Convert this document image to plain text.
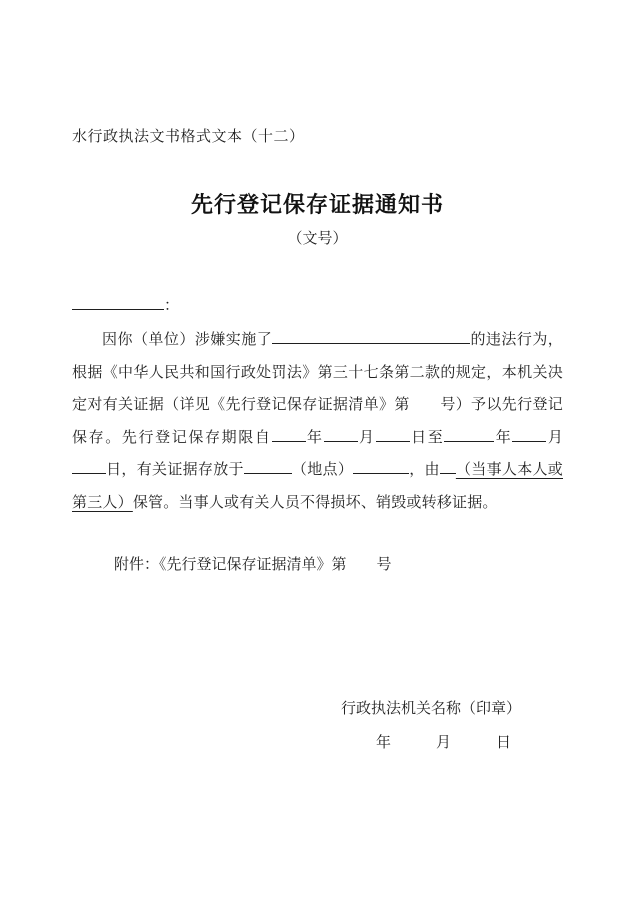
水行政执法文书格式文本（十二）
先行登记保存证据通知书
（文号）
：

因你（单位）涉嫌实施了	的违法行为，根据《中华人民共和国行政处罚法》第三十七条第二款的规定，本机关决定对有关证据（详见《先行登记保存证据清单》第　　号）予以先行登记保存。先行登记保存期限自 年 月 日至	年 月日，有关证据存放于	（地点）	，由 （当事人本人或第三人）保管。当事人或有关人员不得损坏、销毁或转移证据。

附件：《先行登记保存证据清单》第　　号
行政执法机关名称（印章）
年　　　月　　　日
